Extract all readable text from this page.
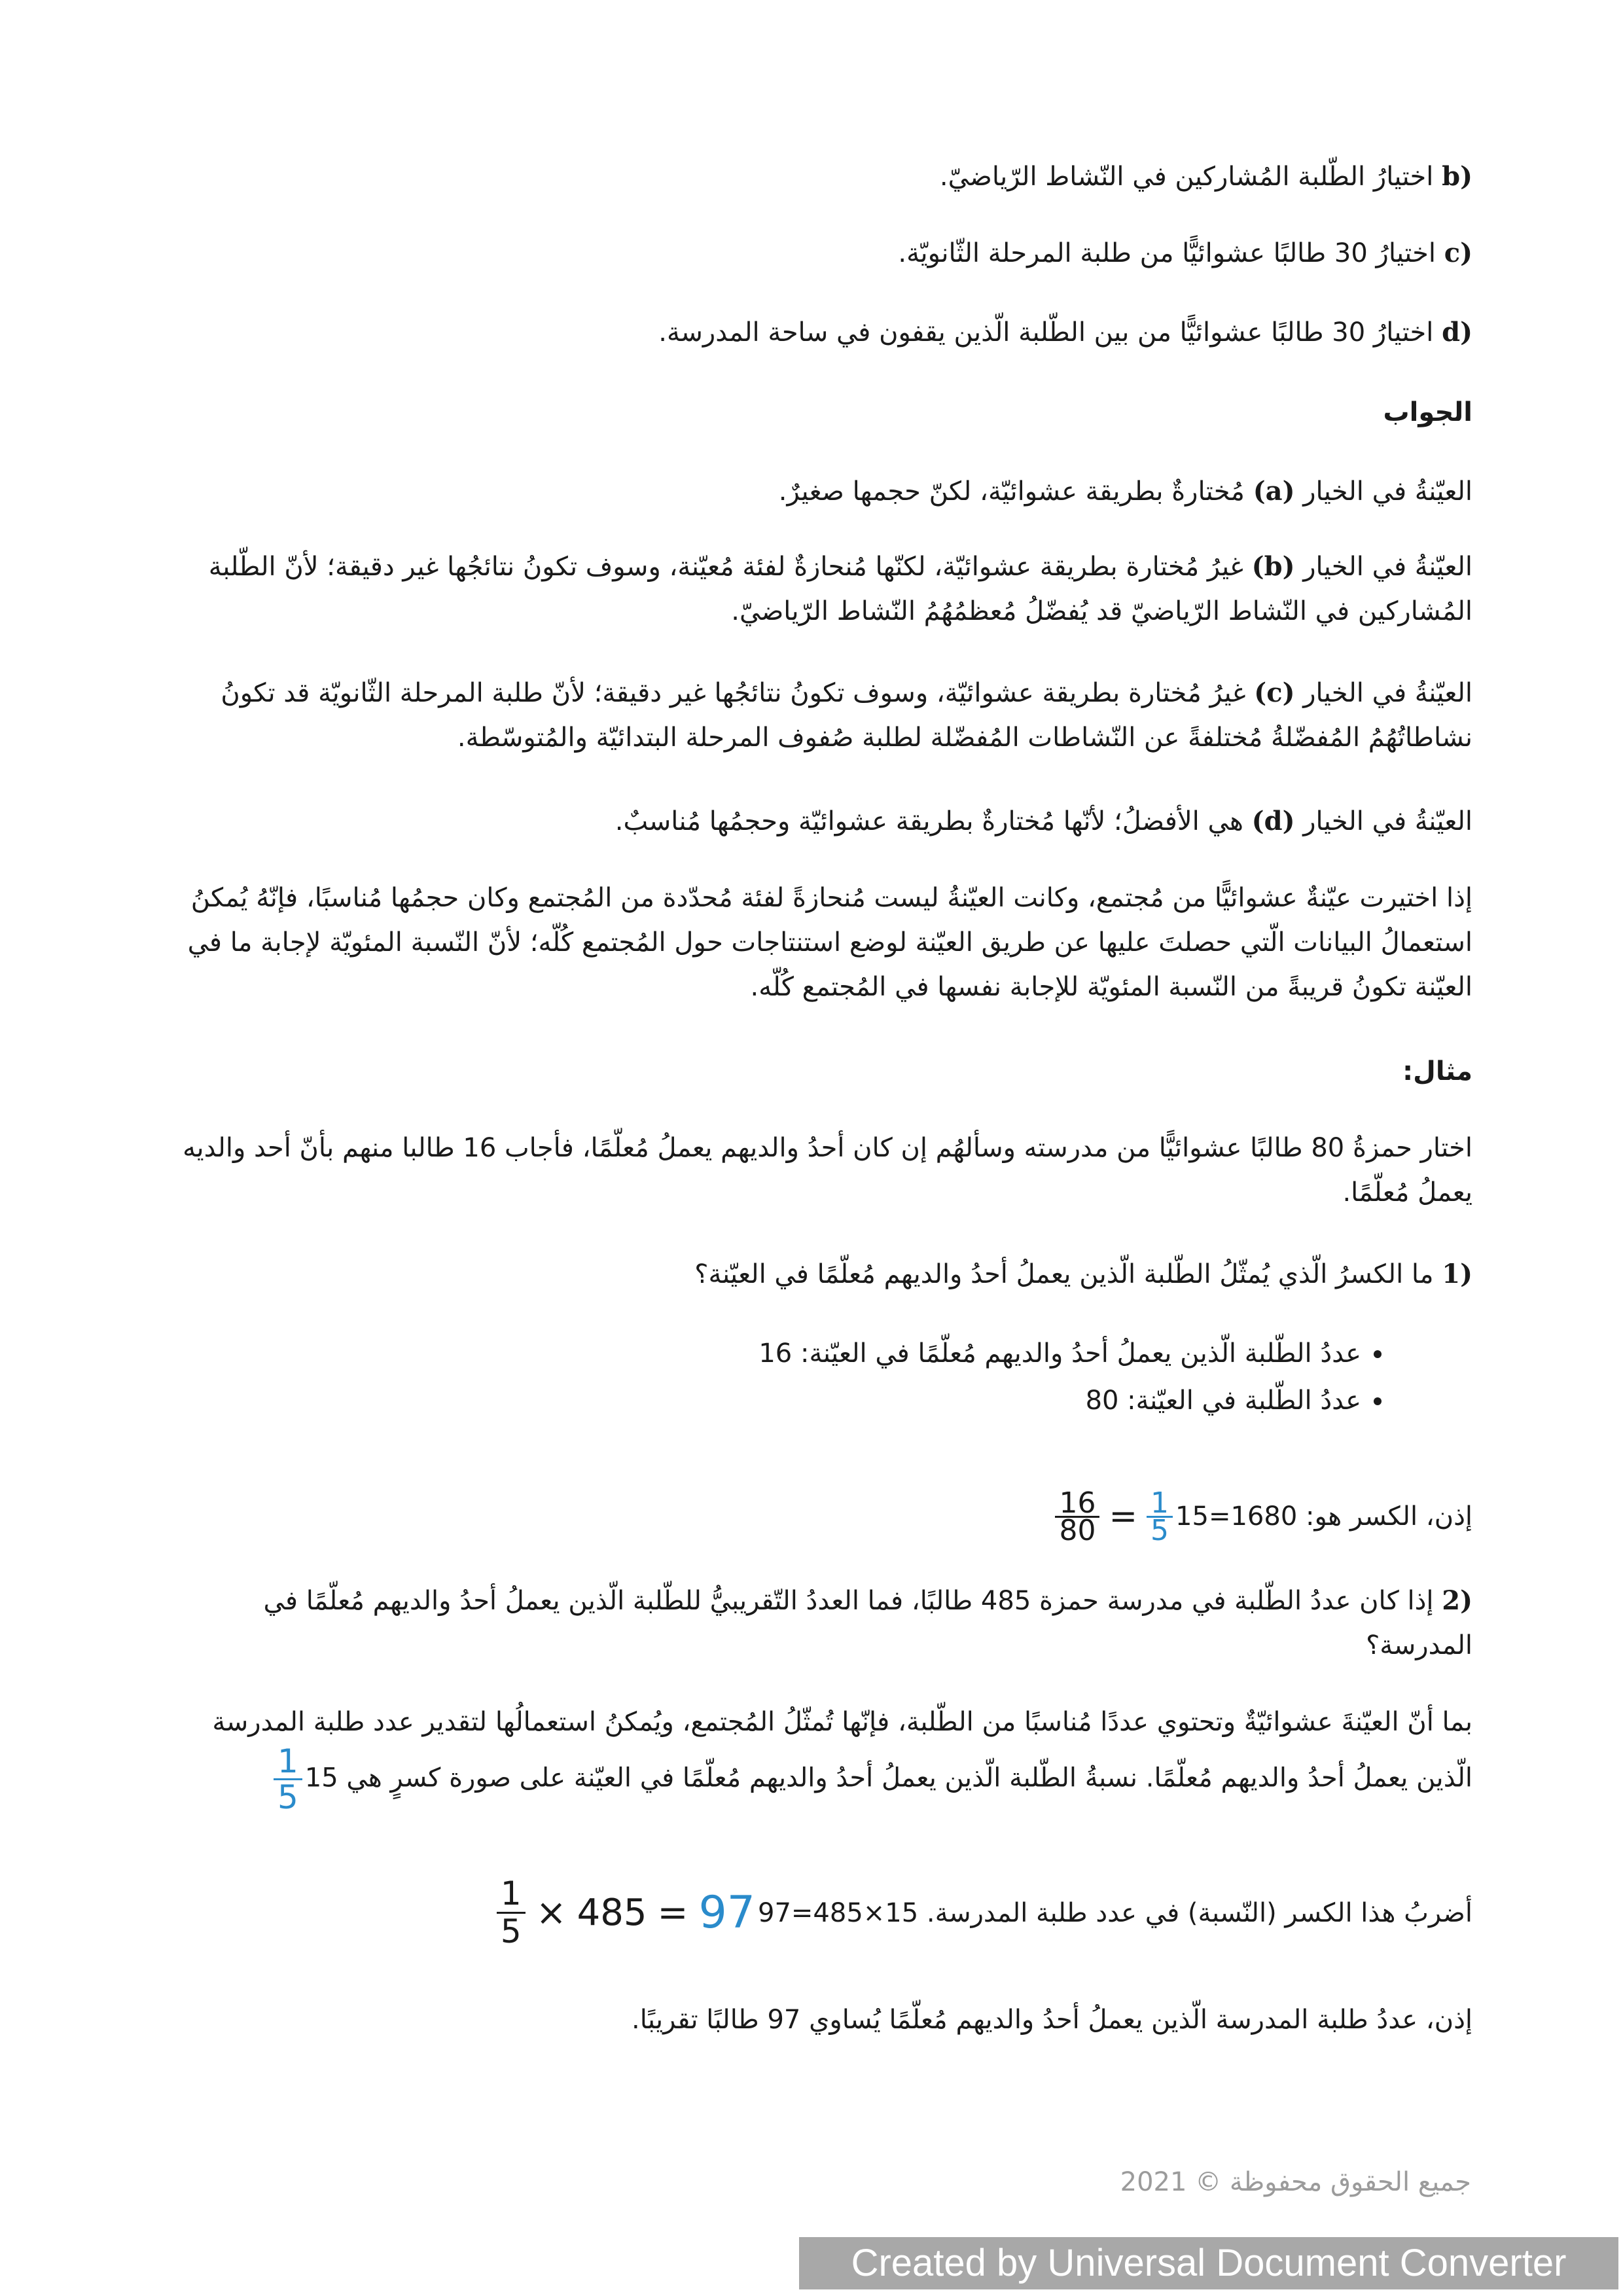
b) اختيارُ الطّلبة المُشاركين في النّشاط الرّياضيّ.

c) اختيارُ 30 طالبًا عشوائيًّا من طلبة المرحلة الثّانويّة.

d) اختيارُ 30 طالبًا عشوائيًّا من بين الطّلبة الّذين يقفون في ساحة المدرسة.

الجواب

العيّنةُ في الخيار (a) مُختارةٌ بطريقة عشوائيّة، لكنّ حجمها صغيرٌ.

العيّنةُ في الخيار (b) غيرُ مُختارة بطريقة عشوائيّة، لكنّها مُنحازةٌ لفئة مُعيّنة، وسوف تكونُ نتائجُها غير دقيقة؛ لأنّ الطّلبة المُشاركين في النّشاط الرّياضيّ قد يُفضّلُ مُعظمُهُمُ النّشاط الرّياضيّ.

العيّنةُ في الخيار (c) غيرُ مُختارة بطريقة عشوائيّة، وسوف تكونُ نتائجُها غير دقيقة؛ لأنّ طلبة المرحلة الثّانويّة قد تكونُ نشاطاتُهُمُ المُفضّلةُ مُختلفةً عن النّشاطات المُفضّلة لطلبة صُفوف المرحلة البتدائيّة والمُتوسّطة.

العيّنةُ في الخيار (d) هي الأفضلُ؛ لأنّها مُختارةٌ بطريقة عشوائيّة وحجمُها مُناسبٌ.

إذا اختيرت عيّنةٌ عشوائيًّا من مُجتمع، وكانت العيّنةُ ليست مُنحازةً لفئة مُحدّدة من المُجتمع وكان حجمُها مُناسبًا، فإنّهُ يُمكنُ استعمالُ البيانات الّتي حصلتَ عليها عن طريق العيّنة لوضع استنتاجات حول المُجتمع كُلّه؛ لأنّ النّسبة المئويّة لإجابة ما في العيّنة تكونُ قريبةً من النّسبة المئويّة للإجابة نفسها في المُجتمع كُلّه.

مثال:

اختار حمزةُ 80 طالبًا عشوائيًّا من مدرسته وسألهُم إن كان أحدُ والديهم يعملُ مُعلّمًا، فأجاب 16 طالبا منهم بأنّ أحد والديه يعملُ مُعلّمًا.

1) ما الكسرُ الّذي يُمثّلُ الطّلبة الّذين يعملُ أحدُ والديهم مُعلّمًا في العيّنة؟

• عددُ الطّلبة الّذين يعملُ أحدُ والديهم مُعلّمًا في العيّنة: 16
• عددُ الطّلبة في العيّنة: 80
إذن، الكسر هو: 1680=15
$\frac{16}{80} = \frac{1}{5}$

2) إذا كان عددُ الطّلبة في مدرسة حمزة 485 طالبًا، فما العددُ التّقريبيُّ للطّلبة الّذين يعملُ أحدُ والديهم مُعلّمًا في المدرسة؟

بما أنّ العيّنةَ عشوائيّةٌ وتحتوي عددًا مُناسبًا من الطّلبة، فإنّها تُمثّلُ المُجتمع، ويُمكنُ استعمالُها لتقدير عدد طلبة المدرسة الّذين يعملُ أحدُ والديهم مُعلّمًا. نسبةُ الطّلبة الّذين يعملُ أحدُ والديهم مُعلّمًا في العيّنة على صورة كسرٍ هي 15
$\frac{1}{5}$

أضربُ هذا الكسر (النّسبة) في عدد طلبة المدرسة. 15×485=97
$\frac{1}{5} \times 485 = 97$

إذن، عددُ طلبة المدرسة الّذين يعملُ أحدُ والديهم مُعلّمًا يُساوي 97 طالبًا تقريبًا.

جميع الحقوق محفوظة © 2021
Created by Universal Document Converter
